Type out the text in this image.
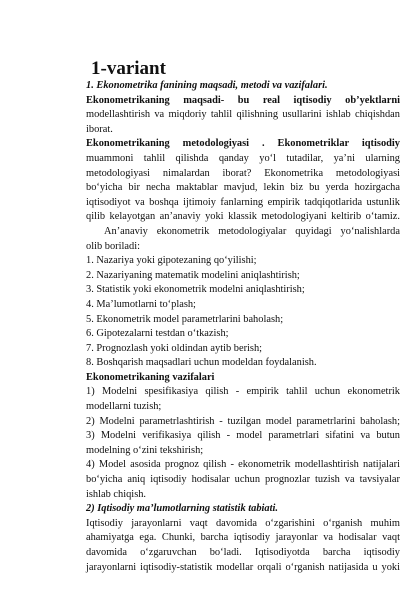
1-variant
1. Ekonometrika fanining maqsadi, metodi va vazifalari.
Ekonometrikaning maqsadi- bu real iqtisodiy ob’yektlarni
modellashtirish va miqdoriy tahlil qilishning usullarini ishlab chiqishdan
iborat.
Ekonometrikaning metodologiyasi . Ekonometriklar iqtisodiy
muammoni tahlil qilishda qanday yo‘l tutadilar, ya’ni ularning
metodologiyasi nimalardan iborat? Ekonometrika metodologiyasi
bo‘yicha bir necha maktablar mavjud, lekin biz bu yerda hozirgacha
iqtisodiyot va boshqa ijtimoiy fanlarning empirik tadqiqotlarida ustunlik
qilib kelayotgan an’anaviy yoki klassik metodologiyani keltirib o‘tamiz.
An’anaviy ekonometrik metodologiyalar quyidagi yo‘nalishlarda
olib boriladi:
1. Nazariya yoki gipotezaning qo‘yilishi;
2. Nazariyaning matematik modelini aniqlashtirish;
3. Statistik yoki ekonometrik modelni aniqlashtirish;
4. Ma’lumotlarni to‘plash;
5. Ekonometrik model parametrlarini baholash;
6. Gipotezalarni testdan o‘tkazish;
7. Prognozlash yoki oldindan aytib berish;
8. Boshqarish maqsadlari uchun modeldan foydalanish.
Ekonometrikaning vazifalari
1) Modelni spesifikasiya qilish - empirik tahlil uchun ekonometrik
modellarni tuzish;
2) Modelni parametrlashtirish - tuzilgan model parametrlarini baholash;
3) Modelni verifikasiya qilish - model parametrlari sifatini va butun
modelning o‘zini tekshirish;
4) Model asosida prognoz qilish - ekonometrik modellashtirish natijalari
bo‘yicha aniq iqtisodiy hodisalar uchun prognozlar tuzish va tavsiyalar
ishlab chiqish.
2) Iqtisodiy ma’lumotlarning statistik tabiati.
Iqtisodiy jarayonlarni vaqt davomida o‘zgarishini o‘rganish muhim
ahamiyatga ega. Chunki, barcha iqtisodiy jarayonlar va hodisalar vaqt
davomida o‘zgaruvchan bo‘ladi. Iqtisodiyotda barcha iqtisodiy
jarayonlarni iqtisodiy-statistik modellar orqali o‘rganish natijasida u yoki
